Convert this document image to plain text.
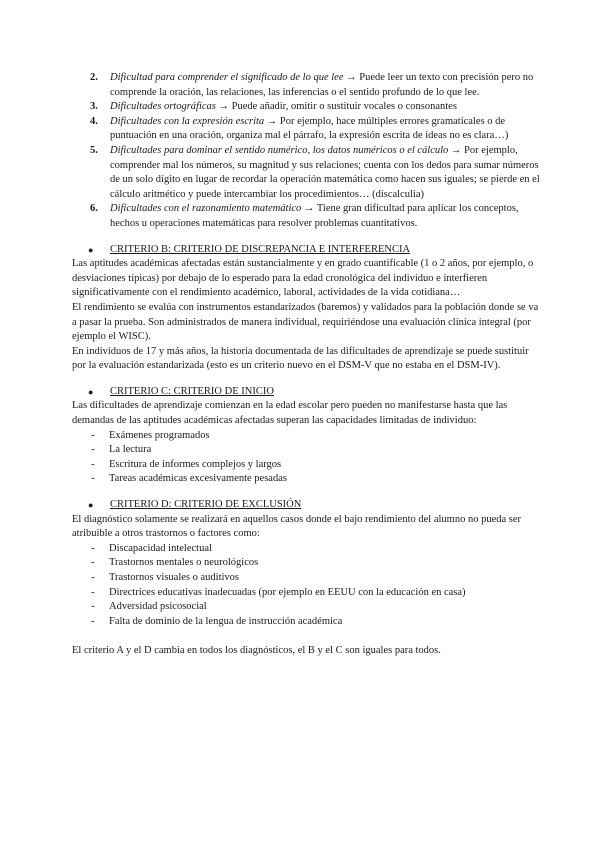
2. Dificultad para comprender el significado de lo que lee → Puede leer un texto con precisión pero no comprende la oración, las relaciones, las inferencias o el sentido profundo de lo que lee.
3. Dificultades ortográficas → Puede añadir, omitir o sustituir vocales o consonantes
4. Dificultades con la expresión escrita → Por ejemplo, hace múltiples errores gramaticales o de puntuación en una oración, organiza mal el párrafo, la expresión escrita de ideas no es clara…)
5. Dificultades para dominar el sentido numérico, los datos numéricos o el cálculo → Por ejemplo, comprender mal los números, su magnitud y sus relaciones; cuenta con los dedos para sumar números de un solo dígito en lugar de recordar la operación matemática como hacen sus iguales; se pierde en el cálculo aritmético y puede intercambiar los procedimientos… (discalculia)
6. Dificultades con el razonamiento matemático → Tiene gran dificultad para aplicar los conceptos, hechos u operaciones matemáticas para resolver problemas cuantitativos.
● CRITERIO B: CRITERIO DE DISCREPANCIA E INTERFERENCIA

Las aptitudes académicas afectadas están sustancialmente y en grado cuantificable (1 o 2 años, por ejemplo, o desviaciones típicas) por debajo de lo esperado para la edad cronológica del individuo e interfieren significativamente con el rendimiento académico, laboral, actividades de la vida cotidiana…

El rendimiento se evalúa con instrumentos estandarizados (baremos) y validados para la población donde se va a pasar la prueba. Son administrados de manera individual, requiriéndose una evaluación clínica integral (por ejemplo el WISC).

En individuos de 17 y más años, la historia documentada de las dificultades de aprendizaje se puede sustituir por la evaluación estandarizada (esto es un criterio nuevo en el DSM-V que no estaba en el DSM-IV).

● CRITERIO C: CRITERIO DE INICIO

Las dificultades de aprendizaje comienzan en la edad escolar pero pueden no manifestarse hasta que las demandas de las aptitudes académicas afectadas superan las capacidades limitadas de individuo:

- Exámenes programados
- La lectura
- Escritura de informes complejos y largos
- Tareas académicas excesivamente pesadas
● CRITERIO D: CRITERIO DE EXCLUSIÓN

El diagnóstico solamente se realizará en aquellos casos donde el bajo rendimiento del alumno no pueda ser atribuible a otros trastornos o factores como:

- Discapacidad intelectual
- Trastornos mentales o neurológicos
- Trastornos visuales o auditivos
- Directrices educativas inadecuadas (por ejemplo en EEUU con la educación en casa)
- Adversidad psicosocial
- Falta de dominio de la lengua de instrucción académica

El criterio A y el D cambia en todos los diagnósticos, el B y el C son iguales para todos.
